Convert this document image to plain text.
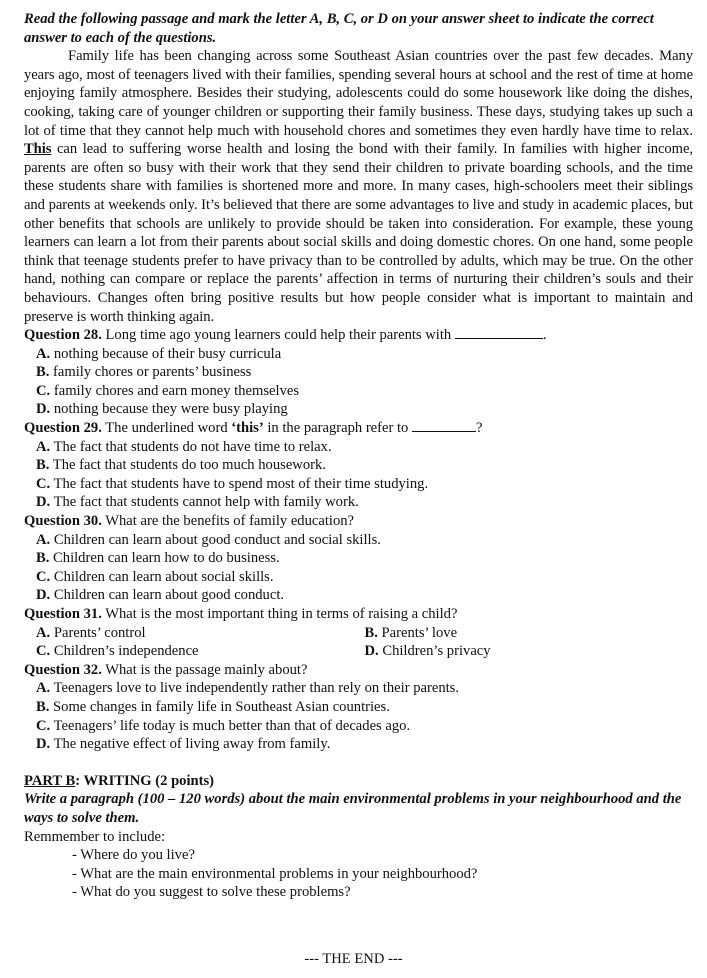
Read the following passage and mark the letter A, B, C, or D on your answer sheet to indicate the correct answer to each of the questions.

Family life has been changing across some Southeast Asian countries over the past few decades. Many years ago, most of teenagers lived with their families, spending several hours at school and the rest of time at home enjoying family atmosphere. Besides their studying, adolescents could do some housework like doing the dishes, cooking, taking care of younger children or supporting their family business. These days, studying takes up such a lot of time that they cannot help much with household chores and sometimes they even hardly have time to relax. This can lead to suffering worse health and losing the bond with their family. In families with higher income, parents are often so busy with their work that they send their children to private boarding schools, and the time these students share with families is shortened more and more. In many cases, high-schoolers meet their siblings and parents at weekends only. It’s believed that there are some advantages to live and study in academic places, but other benefits that schools are unlikely to provide should be taken into consideration. For example, these young learners can learn a lot from their parents about social skills and doing domestic chores. On one hand, some people think that teenage students prefer to have privacy than to be controlled by adults, which may be true. On the other hand, nothing can compare or replace the parents’ affection in terms of nurturing their children’s souls and their behaviours. Changes often bring positive results but how people consider what is important to maintain and preserve is worth thinking again.

Question 28. Long time ago young learners could help their parents with	.

A. nothing because of their busy curricula

B. family chores or parents’ business

C. family chores and earn money themselves

D. nothing because they were busy playing

Question 29. The underlined word ‘this’ in the paragraph refer to	?

A. The fact that students do not have time to relax.

B. The fact that students do too much housework.

C. The fact that students have to spend most of their time studying.

D. The fact that students cannot help with family work.

Question 30. What are the benefits of family education?

A. Children can learn about good conduct and social skills.

B. Children can learn how to do business.

C. Children can learn about social skills.

D. Children can learn about good conduct.

Question 31. What is the most important thing in terms of raising a child?

A. Parents’ control	B. Parents’ love
C. Children’s independence	D. Children’s privacy

Question 32. What is the passage mainly about?

A. Teenagers love to live independently rather than rely on their parents.

B. Some changes in family life in Southeast Asian countries.

C. Teenagers’ life today is much better than that of decades ago.

D. The negative effect of living away from family.

PART B: WRITING (2 points)

Write a paragraph (100 – 120 words) about the main environmental problems in your neighbourhood and the ways to solve them.

Remmember to include:

- Where do you live?
- What are the main environmental problems in your neighbourhood?
- What do you suggest to solve these problems?
--- THE END ---
